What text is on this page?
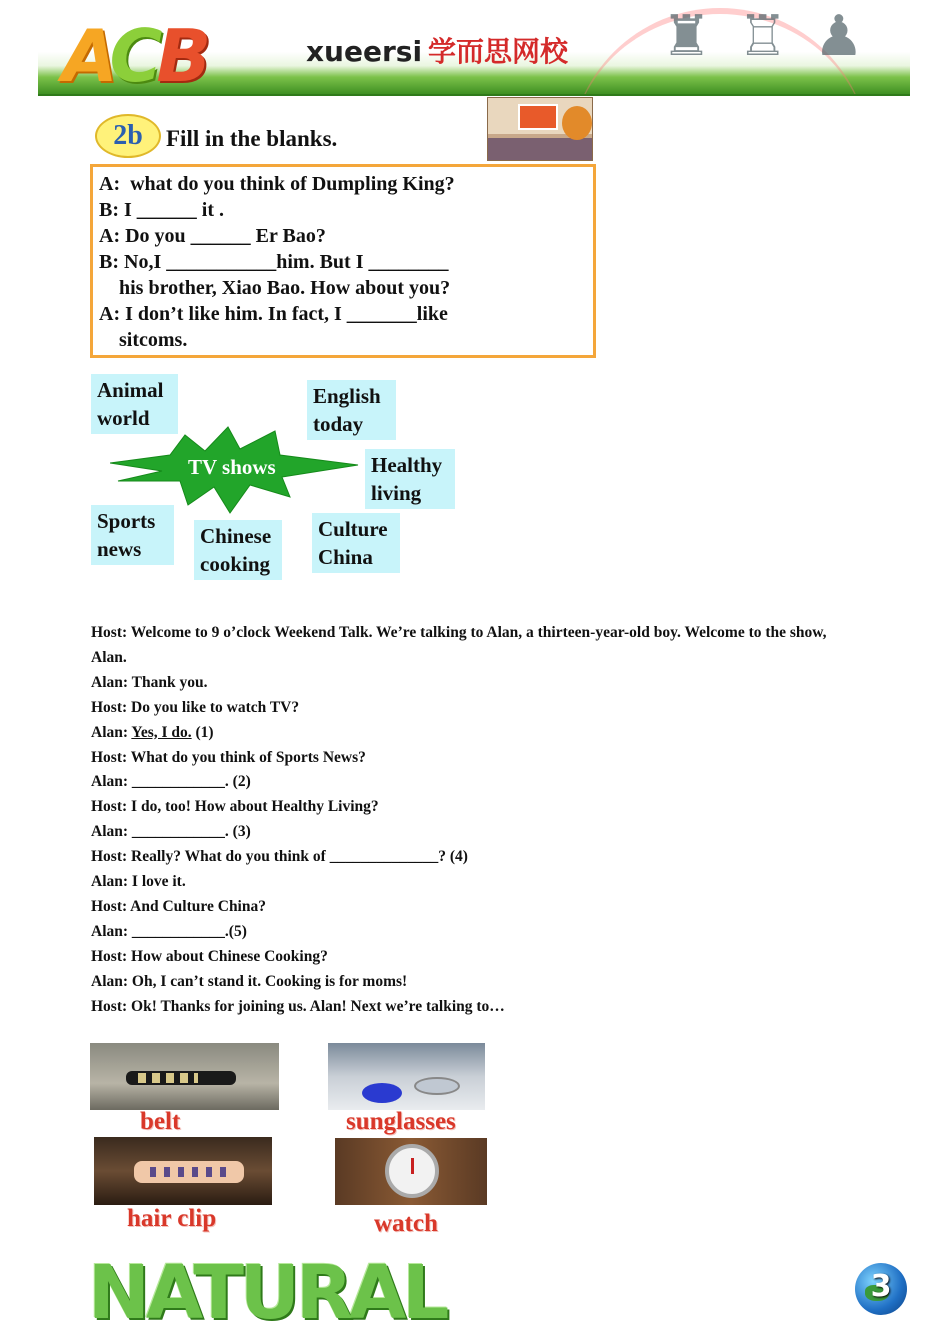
ACB	xueersi 学而思网校 ♜♖♟
2b	Fill in the blanks.

A:  what do you think of Dumpling King?

B: I ______ it .

A: Do you ______ Er Bao?

B: No,I ___________him. But I ________

his brother, Xiao Bao. How about you?

A: I don’t like him. In fact, I _______like

sitcoms.

Animal
world
English
today
Healthy
living
Sports
news
Chinese
cooking
Culture
China
TV shows

Host: Welcome to 9 o’clock Weekend Talk. We’re talking to Alan, a thirteen-year-old boy. Welcome to the show, Alan.

Alan: Thank you.

Host: Do you like to watch TV?

Alan: Yes, I do. (1)

Host: What do you think of Sports News?

Alan: ____________. (2)

Host: I do, too! How about Healthy Living?

Alan: ____________. (3)

Host: Really? What do you think of ______________? (4)

Alan: I love it.

Host: And Culture China?

Alan: ____________.(5)

Host: How about Chinese Cooking?

Alan: Oh, I can’t stand it. Cooking is for moms!

Host: Ok! Thanks for joining us. Alan! Next we’re talking to…

belt	sunglasses
hair clip	watch
NATURAL	3
